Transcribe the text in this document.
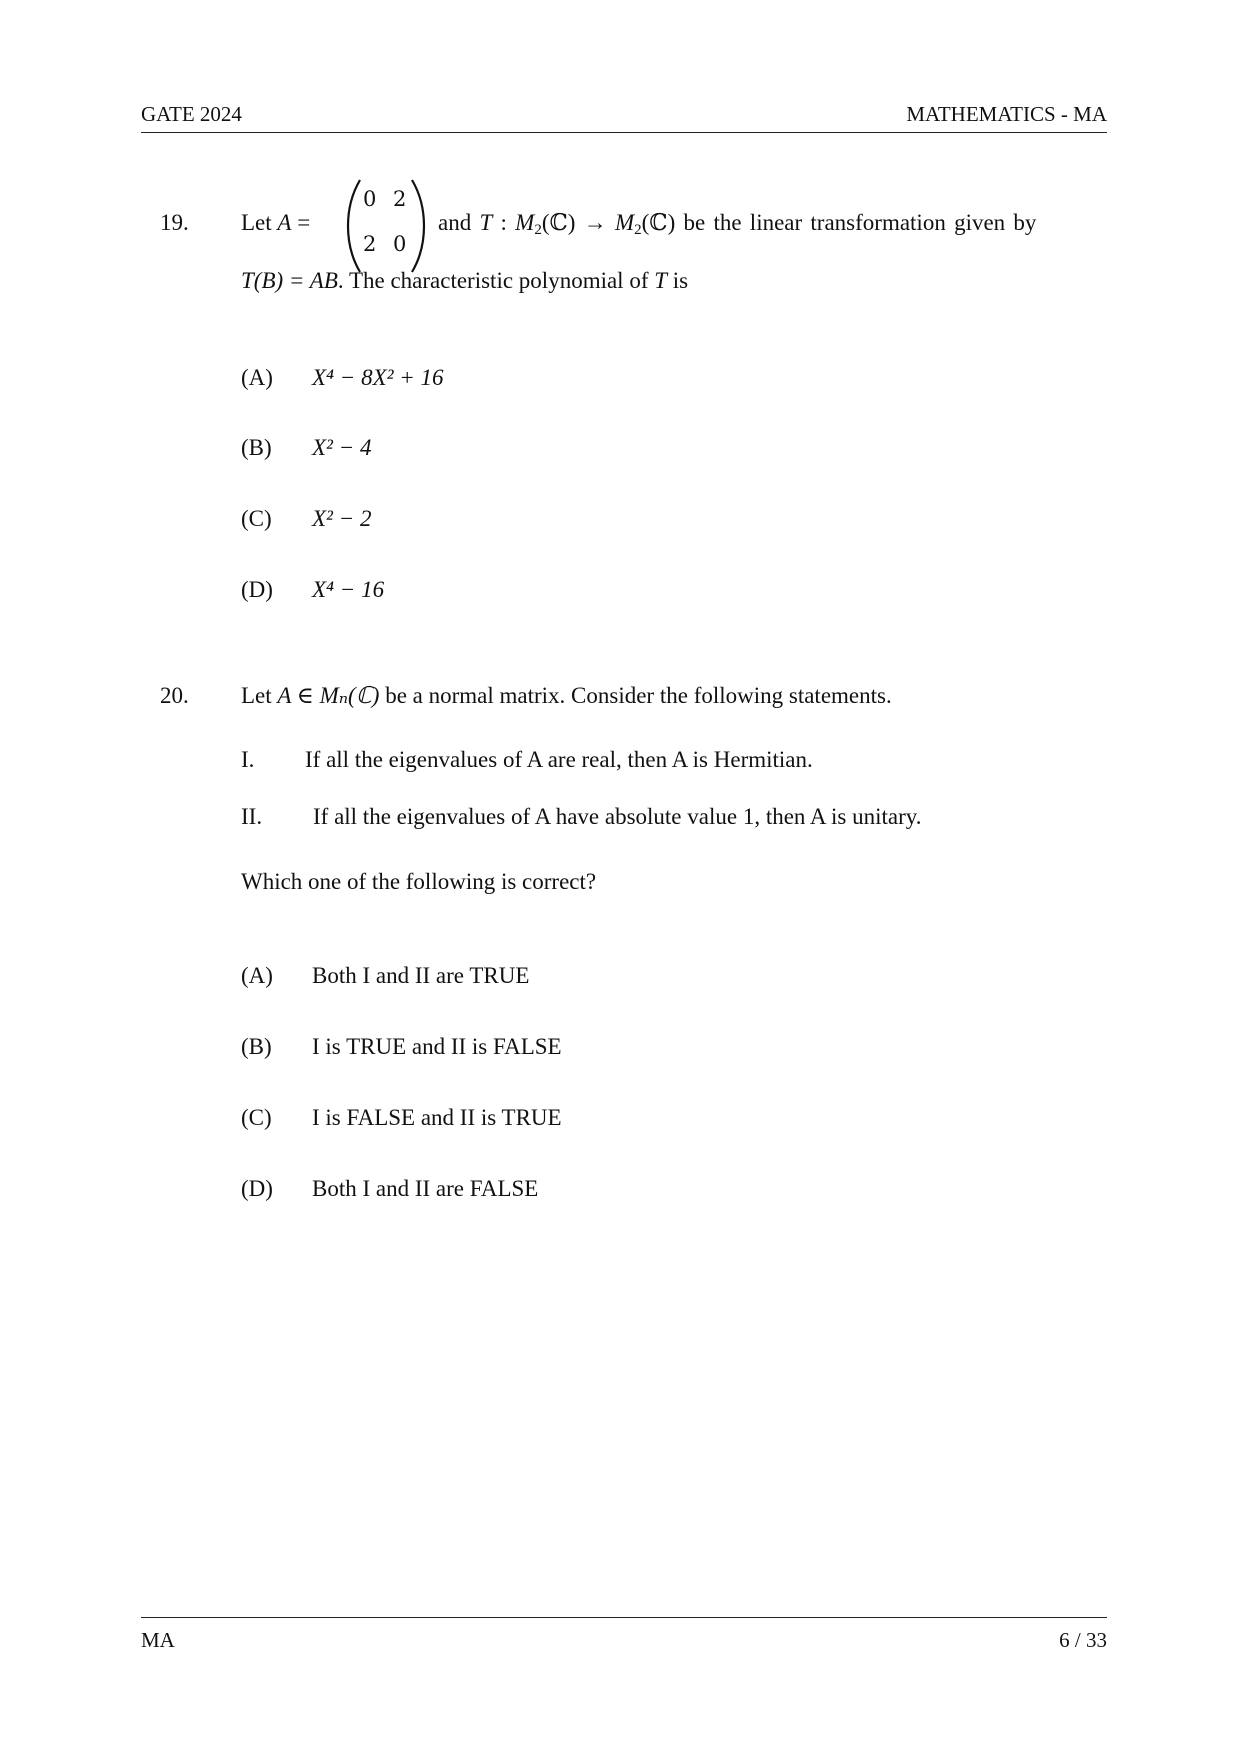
GATE 2024	MATHEMATICS - MA
19. Let A =
0 2
2 0
and T : $M_2(ℂ)$ → $M_2(ℂ)$ be the linear transformation given by
T(B) = AB. The characteristic polynomial of T is
(A) X⁴ − 8X² + 16
(B) X² − 4
(C) X² − 2
(D) X⁴ − 16
20. Let A ∈ Mₙ(ℂ) be a normal matrix. Consider the following statements.
I. If all the eigenvalues of A are real, then A is Hermitian.
II. If all the eigenvalues of A have absolute value 1, then A is unitary.
Which one of the following is correct?
(A) Both I and II are TRUE
(B) I is TRUE and II is FALSE
(C) I is FALSE and II is TRUE
(D) Both I and II are FALSE
MA	6 / 33
